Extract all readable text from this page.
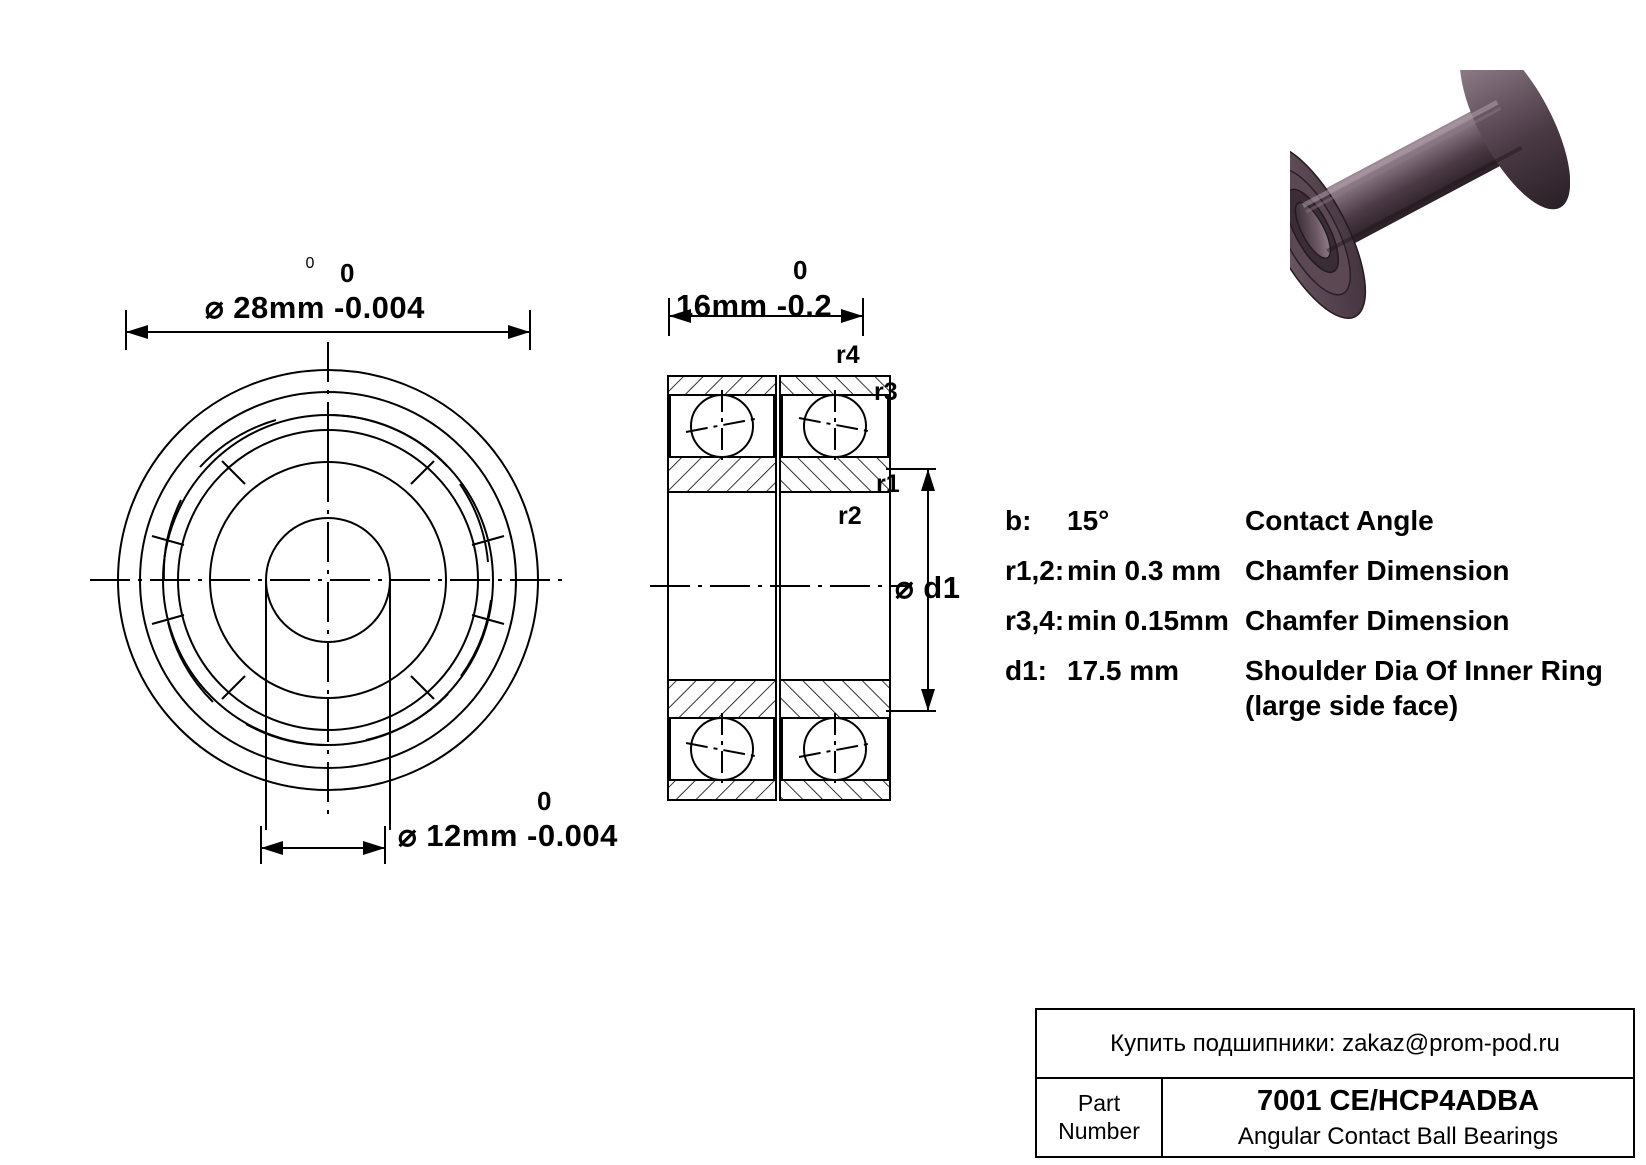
0 0
⌀ 28mm -0.004
0
⌀ 12mm -0.004
0
16mm -0.2
r4
r3
r1
r2
⌀ d1
b: 15°	Contact Angle
r1,2: min 0.3 mm Chamfer Dimension
r3,4: min 0.15mm Chamfer Dimension
d1: 17.5 mm Shoulder Dia Of Inner Ring
(large side face)
Купить подшипники: zakaz@prom-pod.ru
Part
Number
7001 CE/HCP4ADBA
Angular Contact Ball Bearings
